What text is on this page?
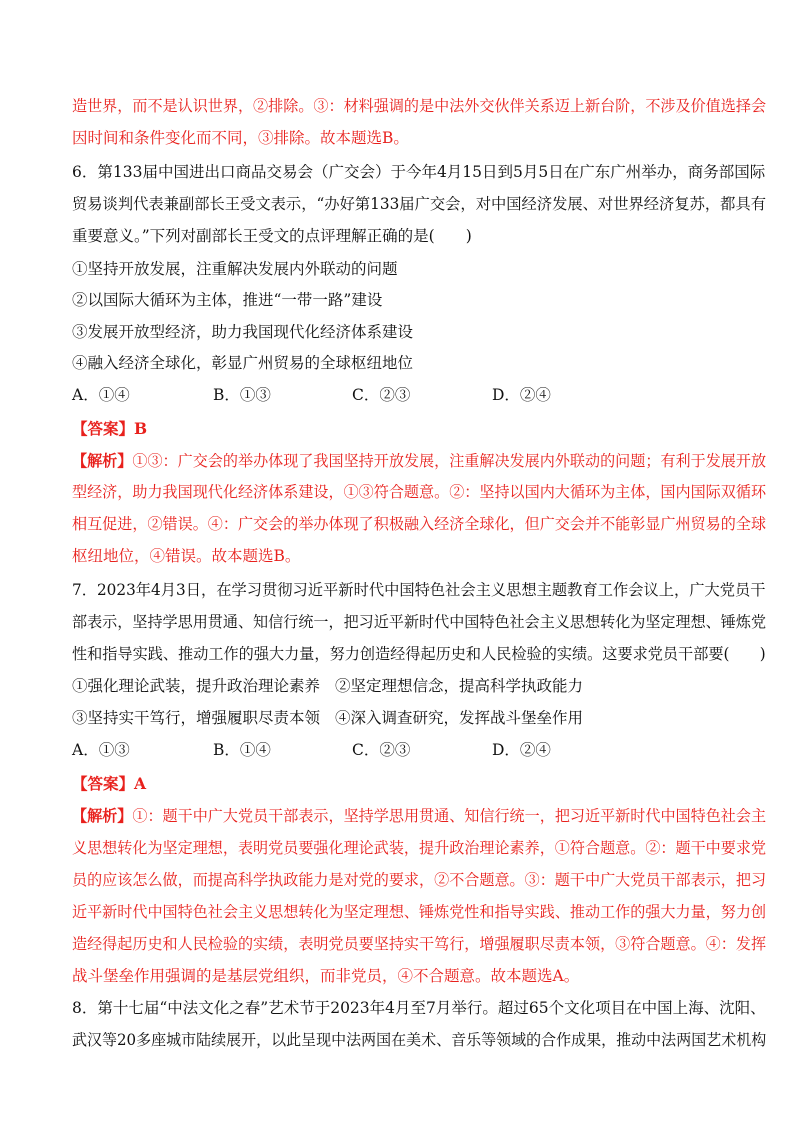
造世界，而不是认识世界，②排除。③：材料强调的是中法外交伙伴关系迈上新台阶，不涉及价值选择会
因时间和条件变化而不同，③排除。故本题选B。
6．第133届中国进出口商品交易会（广交会）于今年4月15日到5月5日在广东广州举办，商务部国际
贸易谈判代表兼副部长王受文表示，“办好第133届广交会，对中国经济发展、对世界经济复苏，都具有
重要意义。”下列对副部长王受文的点评理解正确的是(　　)
①坚持开放发展，注重解决发展内外联动的问题
②以国际大循环为主体，推进“一带一路”建设
③发展开放型经济，助力我国现代化经济体系建设
④融入经济全球化，彰显广州贸易的全球枢纽地位
A．①④	B．①③	C．②③	D．②④
【答案】B
【解析】①③：广交会的举办体现了我国坚持开放发展，注重解决发展内外联动的问题；有利于发展开放
型经济，助力我国现代化经济体系建设，①③符合题意。②：坚持以国内大循环为主体，国内国际双循环
相互促进，②错误。④：广交会的举办体现了积极融入经济全球化，但广交会并不能彰显广州贸易的全球
枢纽地位，④错误。故本题选B。
7．2023年4月3日，在学习贯彻习近平新时代中国特色社会主义思想主题教育工作会议上，广大党员干
部表示，坚持学思用贯通、知信行统一，把习近平新时代中国特色社会主义思想转化为坚定理想、锤炼党
性和指导实践、推动工作的强大力量，努力创造经得起历史和人民检验的实绩。这要求党员干部要(　　)
①强化理论武装，提升政治理论素养 ②坚定理想信念，提高科学执政能力
③坚持实干笃行，增强履职尽责本领 ④深入调查研究，发挥战斗堡垒作用
A．①③	B．①④	C．②③	D．②④
【答案】A
【解析】①：题干中广大党员干部表示，坚持学思用贯通、知信行统一，把习近平新时代中国特色社会主
义思想转化为坚定理想，表明党员要强化理论武装，提升政治理论素养，①符合题意。②：题干中要求党
员的应该怎么做，而提高科学执政能力是对党的要求，②不合题意。③：题干中广大党员干部表示，把习
近平新时代中国特色社会主义思想转化为坚定理想、锤炼党性和指导实践、推动工作的强大力量，努力创
造经得起历史和人民检验的实绩，表明党员要坚持实干笃行，增强履职尽责本领，③符合题意。④：发挥
战斗堡垒作用强调的是基层党组织，而非党员，④不合题意。故本题选A。
8．第十七届“中法文化之春”艺术节于2023年4月至7月举行。超过65个文化项目在中国上海、沈阳、
武汉等20多座城市陆续展开，以此呈现中法两国在美术、音乐等领域的合作成果，推动中法两国艺术机构
